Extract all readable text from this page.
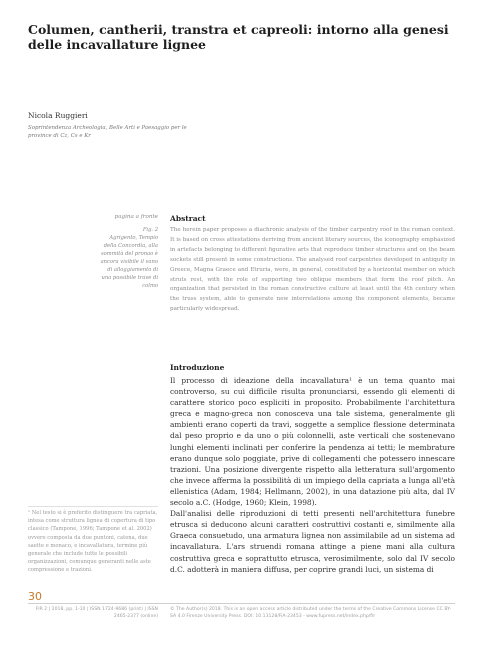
Columen, cantherii, transtra et capreoli: intorno alla genesi delle incavallature lignee
Nicola Ruggieri
Soprintendenza Archeologia, Belle Arti e Paesaggio per le province di Cz, Cs e Kr
pagina a fronte
Fig. 2
Agrigento, Tempio della Concordia, alla sommità del pronao è ancora visibile il vano di alloggiamento di una possibile trave di colmo
Abstract
The herein paper proposes a diachronic analysis of the timber carpentry roof in the roman context. It is based on cross attestations deriving from ancient literary sources, the iconography emphasized in artefacts belonging to different figurative arts that reproduce timber structures and on the beam sockets still present in some constructions. The analysed roof carpentries developed in antiquity in Greece, Magna Graece and Etruria, were, in general, constituted by a horizontal member on which struts rest, with the role of supporting two oblique members that form the roof pitch. An organization that persisted in the roman constructive culture at least until the 4th century when the truss system, able to generate new interrelations among the component elements, became particularly widespread.
Introduzione

Il processo di ideazione della incavallatura¹ è un tema quanto mai controverso, su cui difficile risulta pronunciarsi, essendo gli elementi di carattere storico poco espliciti in proposito. Probabilmente l'architettura greca e magno-greca non conosceva una tale sistema, generalmente gli ambienti erano coperti da travi, soggette a semplice flessione determinata dal peso proprio e da uno o più colonnelli, aste verticali che sostenevano lunghi elementi inclinati per conferire la pendenza ai tetti; le membrature erano dunque solo poggiate, prive di collegamenti che potessero innescare trazioni. Una posizione divergente rispetto alla letteratura sull'argomento che invece afferma la possibilità di un impiego della capriata a lunga all'età ellenistica (Adam, 1984; Hellmann, 2002), in una datazione più alta, dal IV secolo a.C. (Hodge, 1960; Klein, 1998).

Dall'analisi delle riproduzioni di tetti presenti nell'architettura funebre etrusca si deducono alcuni caratteri costruttivi costanti e, similmente alla Graeca consuetudo, una armatura lignea non assimilabile ad un sistema ad incavallatura. L'ars struendi romana attinge a piene mani alla cultura costruttiva greca e soprattutto etrusca, verosimilmente, solo dal IV secolo d.C. adotterà in maniera diffusa, per coprire grandi luci, un sistema di

¹ Nel testo si è preferito distinguere tra capriata, intesa come struttura lignea di copertura di tipo classico (Tampone, 1996; Tampone et al. 2002) ovvero composta da due puntoni, catena, due saette e monaco, e incavallatura, termine più generale che include tutte le possibili organizzazioni, comunque generanti nelle aste compressione e trazioni.
30
FIR 2 | 2018, pp. 1-10 | ISSN 1724-9686 (print) | ISSN 2465-2377 (online)
© The Author(s) 2018. This is an open access article distributed under the terms of the Creative Commons License CC BY-SA 4.0 Firenze University Press. DOI: 10.13128/FiA-23453 - www.fupress.net/index.php/fir
